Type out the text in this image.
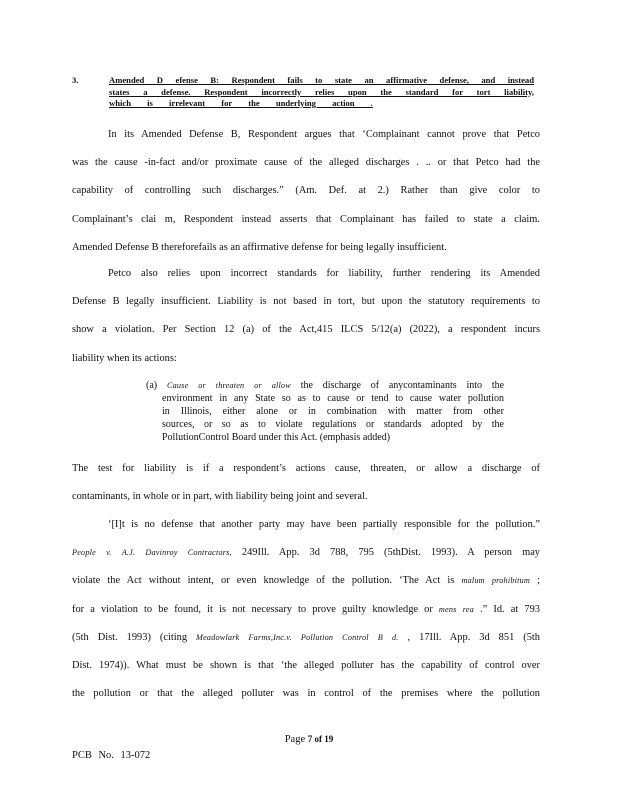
3.	Amended D efense B: Respondent fails to state an affirmative defense, and instead
states a defense. Respondent incorrectly relies upon the standard for tort liability,
which is irrelevant for the underlying action .
In its Amended Defense B, Respondent argues that ‘Complainant cannot prove that Petco
was the cause -in-fact and/or proximate cause of the alleged discharges . .. or that Petco had the
capability of controlling such discharges.” (Am. Def. at 2.) Rather than give color to
Complainant’s clai m, Respondent instead asserts that Complainant has failed to state a claim.
Amended Defense B thereforefails as an affirmative defense for being legally insufficient.
Petco also relies upon incorrect standards for liability, further rendering its Amended
Defense B legally insufficient. Liability is not based in tort, but upon the statutory requirements to
show a violation. Per Section 12 (a) of the Act,415 ILCS 5/12(a) (2022), a respondent incurs
liability when its actions:
(a) Cause or threaten or allow the discharge of anycontaminants into the
environment in any State so as to cause or tend to cause water pollution
in Illinois, either alone or in combination with matter from other
sources, or so as to violate regulations or standards adopted by the
PollutionControl Board under this Act. (emphasis added)
The test for liability is if a respondent’s actions cause, threaten, or allow a discharge of
contaminants, in whole or in part, with liability being joint and several.
‘[I]t is no defense that another party may have been partially responsible for the pollution.”
People v. A.J. Davinroy Contractors, 249Ill. App. 3d 788, 795 (5thDist. 1993). A person may
violate the Act without intent, or even knowledge of the pollution. ‘The Act is malum prohibitum ;
for a violation to be found, it is not necessary to prove guilty knowledge or mens rea .” Id. at 793
(5th Dist. 1993) (citing Meadowlark Farms,Inc.v. Pollution Control B d. , 17Ill. App. 3d 851 (5th
Dist. 1974)). What must be shown is that ‘the alleged polluter has the capability of control over
the pollution or that the alleged polluter was in control of the premises where the pollution
Page 7 of 19
PCB No. 13-072
